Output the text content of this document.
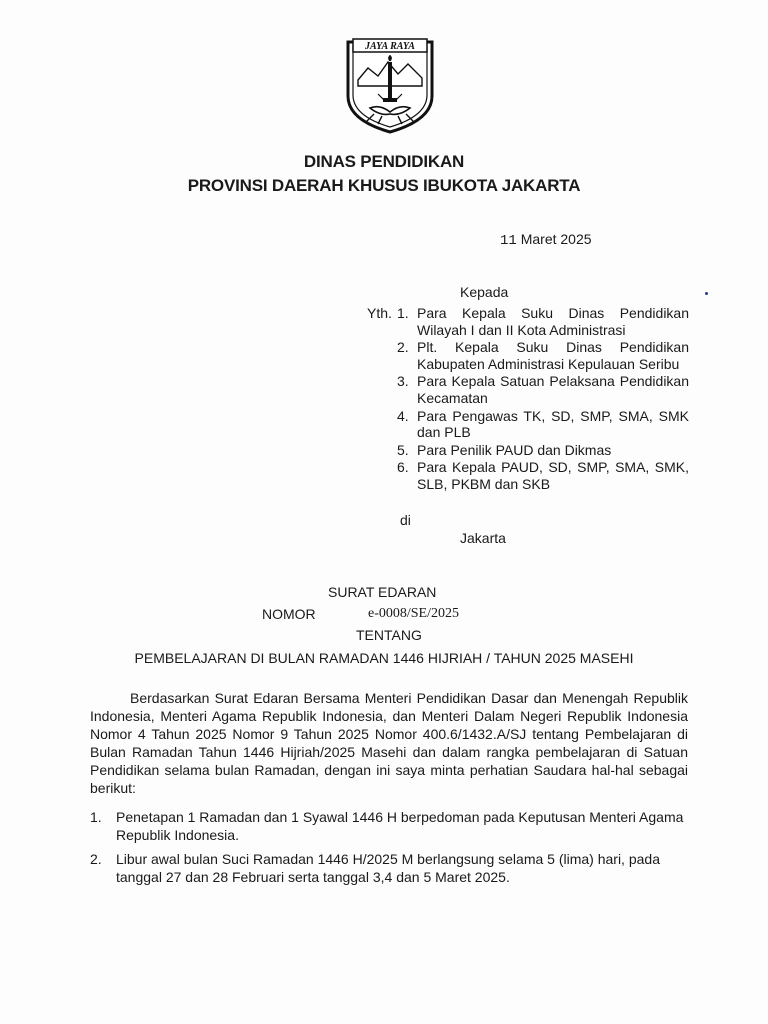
JAYA RAYA
DINAS PENDIDIKAN
PROVINSI DAERAH KHUSUS IBUKOTA JAKARTA
11 Maret 2025
Kepada
Yth. 1. Para Kepala Suku Dinas Pendidikan Wilayah I dan II Kota Administrasi
2. Plt. Kepala Suku Dinas Pendidikan Kabupaten Administrasi Kepulauan Seribu
3. Para Kepala Satuan Pelaksana Pendidikan Kecamatan
4. Para Pengawas TK, SD, SMP, SMA, SMK dan PLB
5. Para Penilik PAUD dan Dikmas
6. Para Kepala PAUD, SD, SMP, SMA, SMK, SLB, PKBM dan SKB
di
Jakarta
SURAT EDARAN
NOMOR	e-0008/SE/2025
TENTANG
PEMBELAJARAN DI BULAN RAMADAN 1446 HIJRIAH / TAHUN 2025 MASEHI

Berdasarkan Surat Edaran Bersama Menteri Pendidikan Dasar dan Menengah Republik Indonesia, Menteri Agama Republik Indonesia, dan Menteri Dalam Negeri Republik Indonesia Nomor 4 Tahun 2025 Nomor 9 Tahun 2025 Nomor 400.6/1432.A/SJ tentang Pembelajaran di Bulan Ramadan Tahun 1446 Hijriah/2025 Masehi dan dalam rangka pembelajaran di Satuan Pendidikan selama bulan Ramadan, dengan ini saya minta perhatian Saudara hal-hal sebagai berikut:

1.	Penetapan 1 Ramadan dan 1 Syawal 1446 H berpedoman pada Keputusan Menteri Agama Republik Indonesia.
2.	Libur awal bulan Suci Ramadan 1446 H/2025 M berlangsung selama 5 (lima) hari, pada tanggal 27 dan 28 Februari serta tanggal 3,4 dan 5 Maret 2025.
